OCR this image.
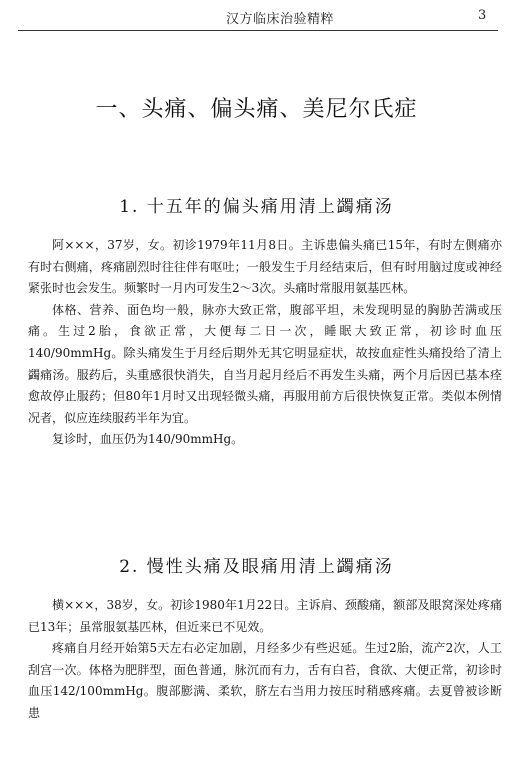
汉方临床治验精粹	3
一、头痛、偏头痛、美尼尔氏症
1. 十五年的偏头痛用清上蠲痛汤

阿×××，37岁，女。初诊1979年11月8日。主诉患偏头痛已15年，有时左侧痛亦有时右侧痛，疼痛剧烈时往往伴有呕吐；一般发生于月经结束后，但有时用脑过度或神经紧张时也会发生。频繁时一月内可发生2～3次。头痛时常服用氨基匹林。

体格、营养、面色均一般，脉亦大致正常，腹部平坦，未发现明显的胸胁苦满或压痛。生过2胎，食欲正常，大便每二日一次，睡眠大致正常，初诊时血压140/90mmHg。除头痛发生于月经后期外无其它明显症状，故按血症性头痛投给了清上蠲痛汤。服药后，头重感很快消失，自当月起月经后不再发生头痛，两个月后因已基本痊愈故停止服药；但80年1月时又出现轻微头痛，再服用前方后很快恢复正常。类似本例情况者，似应连续服药半年为宜。

复诊时，血压仍为140/90mmHg。

2. 慢性头痛及眼痛用清上蠲痛汤

横×××，38岁，女。初诊1980年1月22日。主诉肩、颈酸痛，额部及眼窝深处疼痛已13年；虽常服氨基匹林，但近来已不见效。

疼痛自月经开始第5天左右必定加剧，月经多少有些迟延。生过2胎，流产2次，人工刮宫一次。体格为肥胖型，面色普通，脉沉而有力，舌有白苔，食欲、大便正常，初诊时血压142/100mmHg。腹部膨满、柔软，脐左右当用力按压时稍感疼痛。去夏曾被诊断患
